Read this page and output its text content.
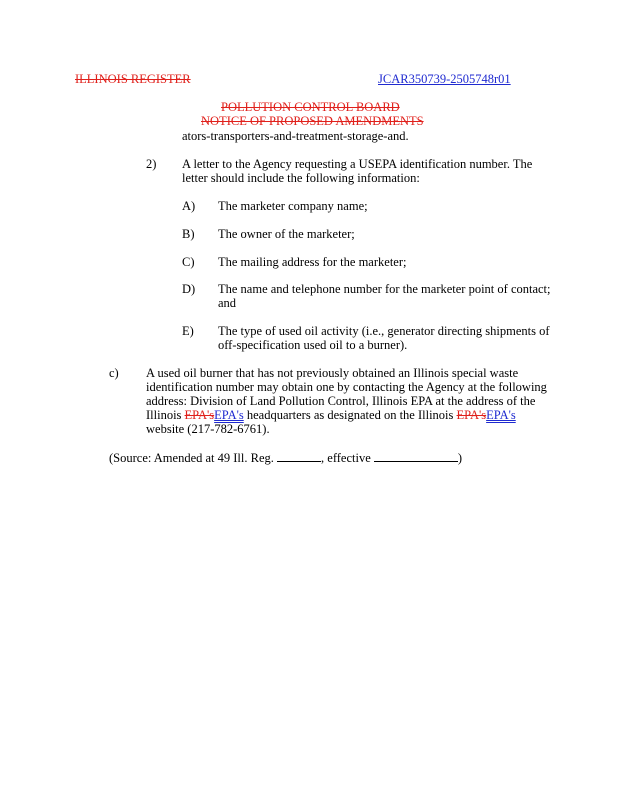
ILLINOIS REGISTER	JCAR350739-2505748r01
POLLUTION CONTROL BOARD
NOTICE OF PROPOSED AMENDMENTS
ators-transporters-and-treatment-storage-and.
2) A letter to the Agency requesting a USEPA identification number. The
letter should include the following information:
A) The marketer company name;
B) The owner of the marketer;
C) The mailing address for the marketer;
D) The name and telephone number for the marketer point of contact;
and
E) The type of used oil activity (i.e., generator directing shipments of
off-specification used oil to a burner).
c) A used oil burner that has not previously obtained an Illinois special waste
identification number may obtain one by contacting the Agency at the following
address: Division of Land Pollution Control, Illinois EPA at the address of the
Illinois EPA'sEPA's headquarters as designated on the Illinois EPA'sEPA's
website (217-782-6761).
(Source: Amended at 49 Ill. Reg.	, effective	)
